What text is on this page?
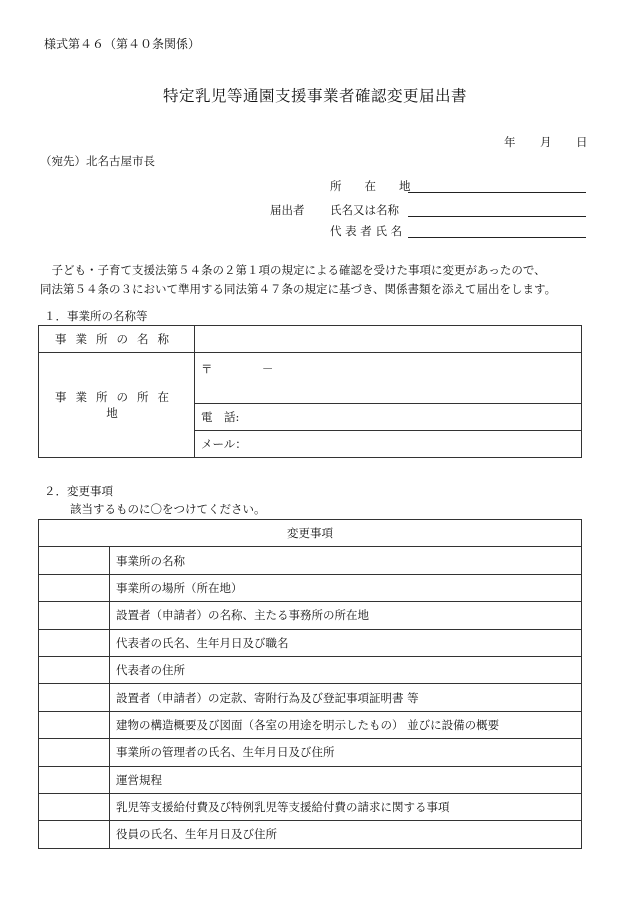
様式第４６（第４０条関係）
特定乳児等通園支援事業者確認変更届出書
年 月 日
（宛先）北名古屋市長
所　　在　　地
届出者 氏名又は名称
代 表 者 氏 名
　子ども・子育て支援法第５４条の２第１項の規定による確認を受けた事項に変更があったので、
同法第５４条の３において準用する同法第４７条の規定に基づき、関係書類を添えて届出をします。
１．事業所の名称等
事業所の名称	
事業所の所在地	〒 －
	電　話:
	メール：
２．変更事項
該当するものに〇をつけてください。
変更事項	
	事業所の名称
	事業所の場所（所在地）
	設置者（申請者）の名称、主たる事務所の所在地
	代表者の氏名、生年月日及び職名
	代表者の住所
	設置者（申請者）の定款、寄附行為及び登記事項証明書 等
	建物の構造概要及び図面（各室の用途を明示したもの） 並びに設備の概要
	事業所の管理者の氏名、生年月日及び住所
	運営規程
	乳児等支援給付費及び特例乳児等支援給付費の請求に関する事項
	役員の氏名、生年月日及び住所
